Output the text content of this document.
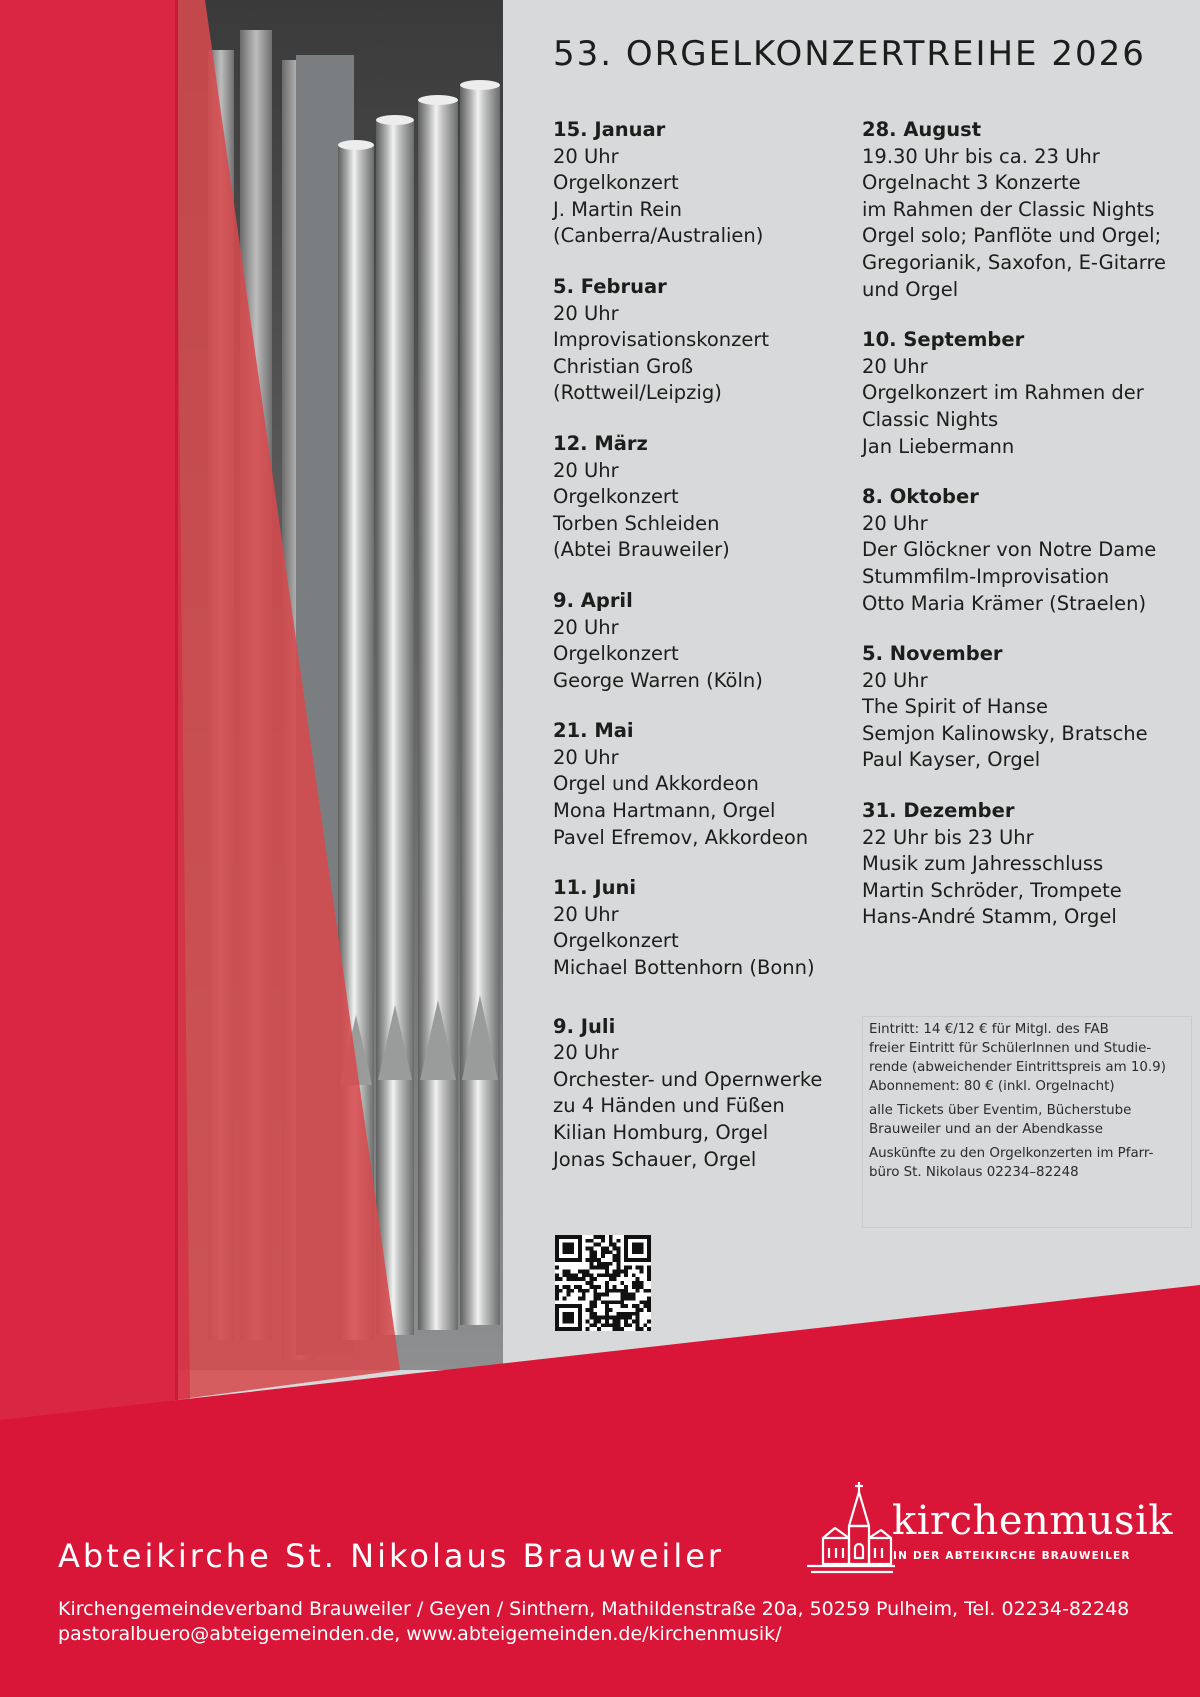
53. ORGELKONZERTREIHE 2026
15. Januar
20 Uhr
Orgelkonzert
J. Martin Rein
(Canberra/Australien)
5. Februar
20 Uhr
Improvisationskonzert
Christian Groß
(Rottweil/Leipzig)
12. März
20 Uhr
Orgelkonzert
Torben Schleiden
(Abtei Brauweiler)
9. April
20 Uhr
Orgelkonzert
George Warren (Köln)
21. Mai
20 Uhr
Orgel und Akkordeon
Mona Hartmann, Orgel
Pavel Efremov, Akkordeon
11. Juni
20 Uhr
Orgelkonzert
Michael Bottenhorn (Bonn)
9. Juli
20 Uhr
Orchester- und Opernwerke
zu 4 Händen und Füßen
Kilian Homburg, Orgel
Jonas Schauer, Orgel
28. August
19.30 Uhr bis ca. 23 Uhr
Orgelnacht 3 Konzerte
im Rahmen der Classic Nights
Orgel solo; Panflöte und Orgel;
Gregorianik, Saxofon, E-Gitarre
und Orgel
10. September
20 Uhr
Orgelkonzert im Rahmen der
Classic Nights
Jan Liebermann
8. Oktober
20 Uhr
Der Glöckner von Notre Dame
Stummfilm-Improvisation
Otto Maria Krämer (Straelen)
5. November
20 Uhr
The Spirit of Hanse
Semjon Kalinowsky, Bratsche
Paul Kayser, Orgel
31. Dezember
22 Uhr bis 23 Uhr
Musik zum Jahresschluss
Martin Schröder, Trompete
Hans-André Stamm, Orgel

Eintritt: 14 €/12 € für Mitgl. des FAB
freier Eintritt für SchülerInnen und Studie-
rende (abweichender Eintrittspreis am 10.9)
Abonnement: 80 € (inkl. Orgelnacht)

alle Tickets über Eventim, Bücherstube
Brauweiler und an der Abendkasse

Auskünfte zu den Orgelkonzerten im Pfarr-
büro St. Nikolaus 02234–82248

Abteikirche St. Nikolaus Brauweiler
Kirchengemeindeverband Brauweiler / Geyen / Sinthern, Mathildenstraße 20a, 50259 Pulheim, Tel. 02234-82248
pastoralbuero@abteigemeinden.de, www.abteigemeinden.de/kirchenmusik/
kirchenmusik
IN DER ABTEIKIRCHE BRAUWEILER
